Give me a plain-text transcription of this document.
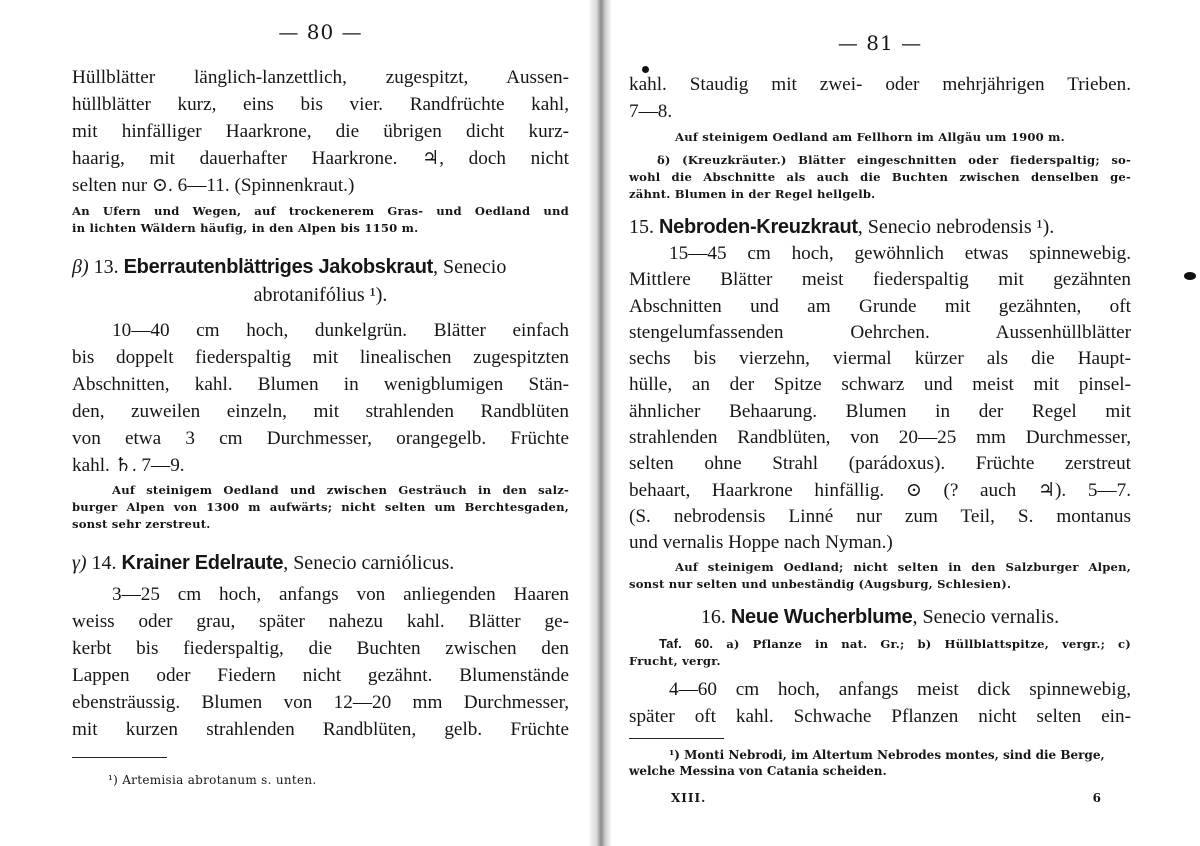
— 80 —
Hüllblätter länglich-lanzettlich, zugespitzt, Aussen-
hüllblätter kurz, eins bis vier. Randfrüchte kahl,
mit hinfälliger Haarkrone, die übrigen dicht kurz-
haarig, mit dauerhafter Haarkrone. ♃, doch nicht
selten nur ⊙. 6—11. (Spinnenkraut.)
An Ufern und Wegen, auf trockenerem Gras- und Oedland und
in lichten Wäldern häufig, in den Alpen bis 1150 m.
β) 13. Eberrautenblättriges Jakobskraut, Senecio
abrotanifólius ¹).
10—40 cm hoch, dunkelgrün. Blätter einfach
bis doppelt fiederspaltig mit linealischen zugespitzten
Abschnitten, kahl. Blumen in wenigblumigen Stän-
den, zuweilen einzeln, mit strahlenden Randblüten
von etwa 3 cm Durchmesser, orangegelb. Früchte
kahl. ♄. 7—9.
Auf steinigem Oedland und zwischen Gesträuch in den salz-
burger Alpen von 1300 m aufwärts; nicht selten um Berchtesgaden,
sonst sehr zerstreut.
γ) 14. Krainer Edelraute, Senecio carniólicus.
3—25 cm hoch, anfangs von anliegenden Haaren
weiss oder grau, später nahezu kahl. Blätter ge-
kerbt bis fiederspaltig, die Buchten zwischen den
Lappen oder Fiedern nicht gezähnt. Blumenstände
ebensträussig. Blumen von 12—20 mm Durchmesser,
mit kurzen strahlenden Randblüten, gelb. Früchte
¹) Artemisia abrotanum s. unten.
— 81 —
kahl. Staudig mit zwei- oder mehrjährigen Trieben.
7—8.
Auf steinigem Oedland am Fellhorn im Allgäu um 1900 m.
δ) (Kreuzkräuter.) Blätter eingeschnitten oder fiederspaltig; so-
wohl die Abschnitte als auch die Buchten zwischen denselben ge-
zähnt. Blumen in der Regel hellgelb.
15. Nebroden-Kreuzkraut, Senecio nebrodensis ¹).
15—45 cm hoch, gewöhnlich etwas spinnewebig.
Mittlere Blätter meist fiederspaltig mit gezähnten
Abschnitten und am Grunde mit gezähnten, oft
stengelumfassenden Oehrchen. Aussenhüllblätter
sechs bis vierzehn, viermal kürzer als die Haupt-
hülle, an der Spitze schwarz und meist mit pinsel-
ähnlicher Behaarung. Blumen in der Regel mit
strahlenden Randblüten, von 20—25 mm Durchmesser,
selten ohne Strahl (parádoxus). Früchte zerstreut
behaart, Haarkrone hinfällig. ⊙ (? auch ♃). 5—7.
(S. nebrodensis Linné nur zum Teil, S. montanus
und vernalis Hoppe nach Nyman.)
Auf steinigem Oedland; nicht selten in den Salzburger Alpen,
sonst nur selten und unbeständig (Augsburg, Schlesien).
16. Neue Wucherblume, Senecio vernalis.
Taf. 60. a) Pflanze in nat. Gr.; b) Hüllblattspitze, vergr.; c)
Frucht, vergr.
4—60 cm hoch, anfangs meist dick spinnewebig,
später oft kahl. Schwache Pflanzen nicht selten ein-
¹) Monti Nebrodi, im Altertum Nebrodes montes, sind die Berge,
welche Messina von Catania scheiden.
XIII.	6
